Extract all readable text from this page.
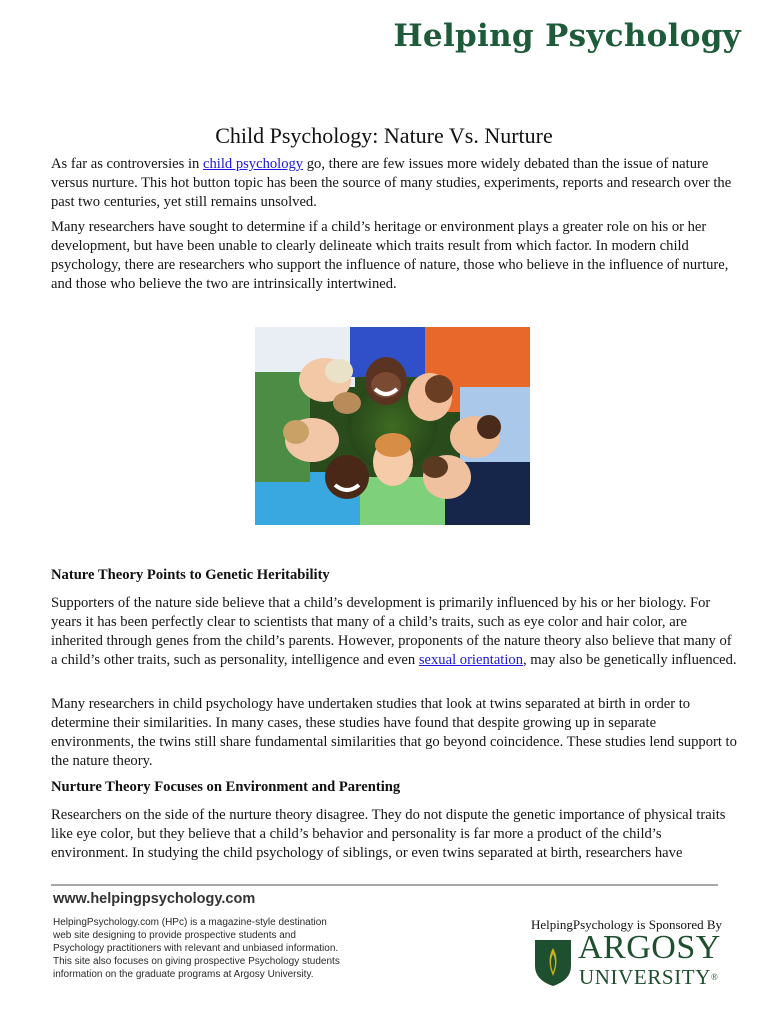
Helping Psychology
Child Psychology: Nature Vs. Nurture

As far as controversies in child psychology go, there are few issues more widely debated than the issue of nature versus nurture. This hot button topic has been the source of many studies, experiments, reports and research over the past two centuries, yet still remains unsolved.

Many researchers have sought to determine if a child’s heritage or environment plays a greater role on his or her development, but have been unable to clearly delineate which traits result from which factor. In modern child psychology, there are researchers who support the influence of nature, those who believe in the influence of nurture, and those who believe the two are intrinsically intertwined.

Nature Theory Points to Genetic Heritability

Supporters of the nature side believe that a child’s development is primarily influenced by his or her biology. For years it has been perfectly clear to scientists that many of a child’s traits, such as eye color and hair color, are inherited through genes from the child’s parents. However, proponents of the nature theory also believe that many of a child’s other traits, such as personality, intelligence and even sexual orientation, may also be genetically influenced.

Many researchers in child psychology have undertaken studies that look at twins separated at birth in order to determine their similarities. In many cases, these studies have found that despite growing up in separate environments, the twins still share fundamental similarities that go beyond coincidence. These studies lend support to the nature theory.

Nurture Theory Focuses on Environment and Parenting

Researchers on the side of the nurture theory disagree. They do not dispute the genetic importance of physical traits like eye color, but they believe that a child’s behavior and personality is far more a product of the child’s environment. In studying the child psychology of siblings, or even twins separated at birth, researchers have

www.helpingpsychology.com
HelpingPsychology.com (HPc) is a magazine-style destination
web site designing to provide prospective students and
Psychology practitioners with relevant and unbiased information.
This site also focuses on giving prospective Psychology students
information on the graduate programs at Argosy University.
HelpingPsychology is Sponsored By
ARGOSY
UNIVERSITY®
